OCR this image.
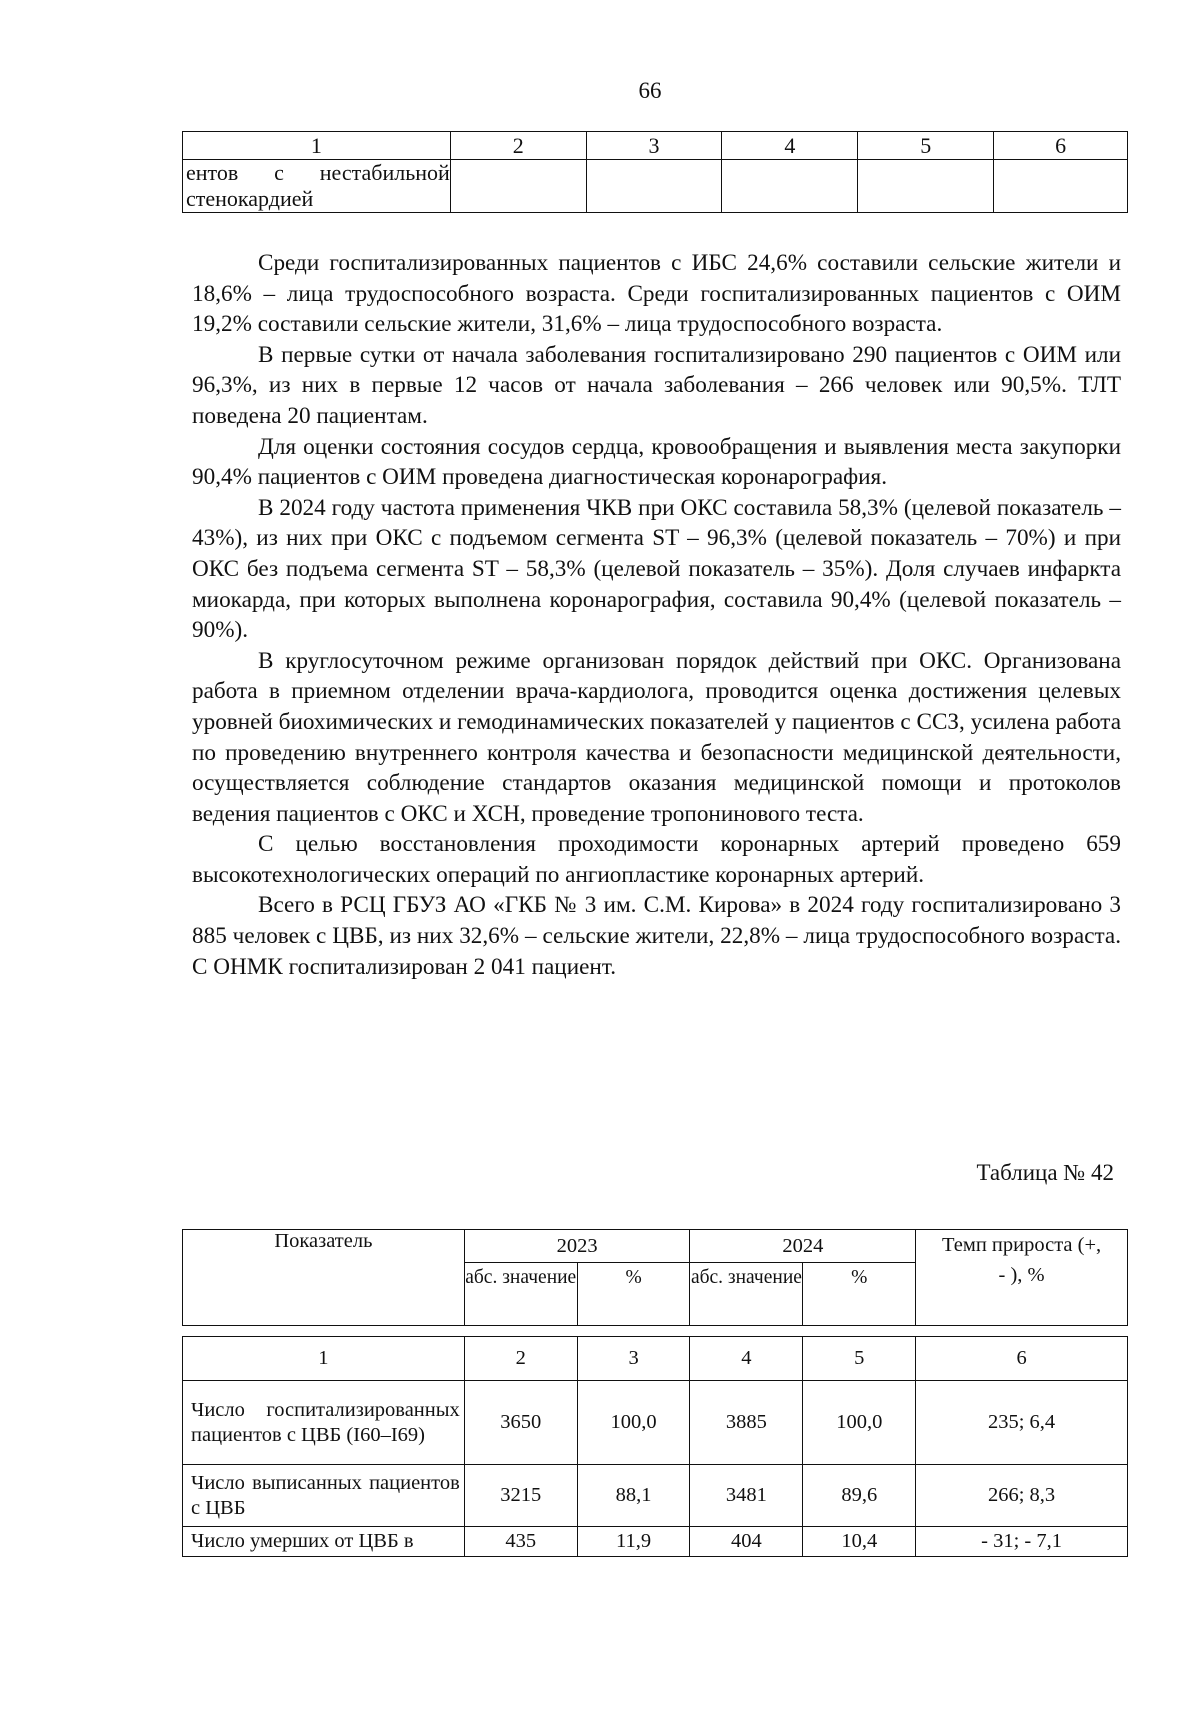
66
1	2	3	4	5	6
ентов с нестабильной стенокардией					

Среди госпитализированных пациентов с ИБС 24,6% составили сельские жители и 18,6% – лица трудоспособного возраста. Среди госпитализированных пациентов с ОИМ 19,2% составили сельские жители, 31,6% – лица трудоспособного возраста.

В первые сутки от начала заболевания госпитализировано 290 пациентов с ОИМ или 96,3%, из них в первые 12 часов от начала заболевания – 266 человек или 90,5%. ТЛТ поведена 20 пациентам.

Для оценки состояния сосудов сердца, кровообращения и выявления места закупорки 90,4% пациентов с ОИМ проведена диагностическая коронарография.

В 2024 году частота применения ЧКВ при ОКС составила 58,3% (целевой показатель – 43%), из них при ОКС с подъемом сегмента ST – 96,3% (целевой показатель – 70%) и при ОКС без подъема сегмента ST – 58,3% (целевой показатель – 35%). Доля случаев инфаркта миокарда, при которых выполнена коронарография, составила 90,4% (целевой показатель – 90%).

В круглосуточном режиме организован порядок действий при ОКС. Организована работа в приемном отделении врача-кардиолога, проводится оценка достижения целевых уровней биохимических и гемодинамических показателей у пациентов с ССЗ, усилена работа по проведению внутреннего контроля качества и безопасности медицинской деятельности, осуществляется соблюдение стандартов оказания медицинской помощи и протоколов ведения пациентов с ОКС и ХСН, проведение тропонинового теста.

С целью восстановления проходимости коронарных артерий проведено 659 высокотехнологических операций по ангиопластике коронарных артерий.

Всего в РСЦ ГБУЗ АО «ГКБ № 3 им. С.М. Кирова» в 2024 году госпитализировано 3 885 человек с ЦВБ, из них 32,6% – сельские жители, 22,8% – лица трудоспособного возраста. С ОНМК госпитализирован 2 041 пациент.

Таблица № 42
Показатель	2023		2024		Темп прироста (+, - ), %
	абс. значение	%	абс. значение	%	

1	2	3	4	5	6
Число госпитализированных пациентов с ЦВБ (I60–I69)	3650	100,0	3885	100,0	235; 6,4
Число выписанных пациентов с ЦВБ	3215	88,1	3481	89,6	266; 8,3
Число умерших от ЦВБ в	435	11,9	404	10,4	- 31; - 7,1
